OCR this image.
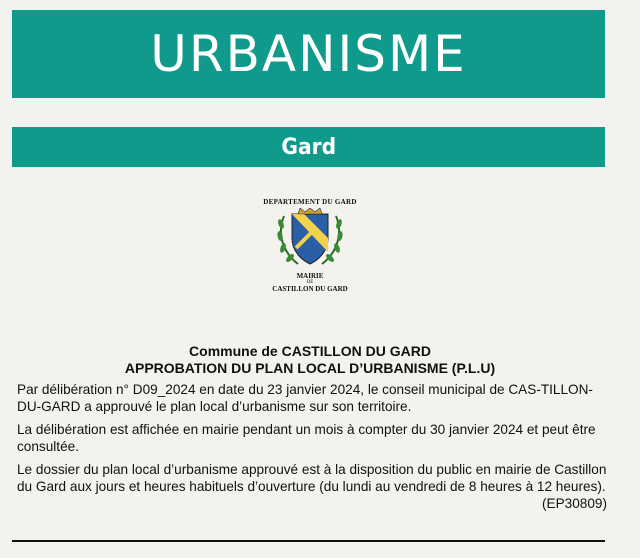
URBANISME
Gard
DEPARTEMENT DU GARD
MAIRIE
DE
CASTILLON DU GARD
Commune de CASTILLON DU GARD
APPROBATION DU PLAN LOCAL D’URBANISME (P.L.U)

Par délibération n° D09_2024 en date du 23 janvier 2024, le conseil municipal de CAS-TILLON-DU-GARD a approuvé le plan local d’urbanisme sur son territoire.

La délibération est affichée en mairie pendant un mois à compter du 30 janvier 2024 et peut être consultée.

Le dossier du plan local d’urbanisme approuvé est à la disposition du public en mairie de Castillon du Gard aux jours et heures habituels d’ouverture (du lundi au vendredi de 8 heures à 12 heures).

(EP30809)
